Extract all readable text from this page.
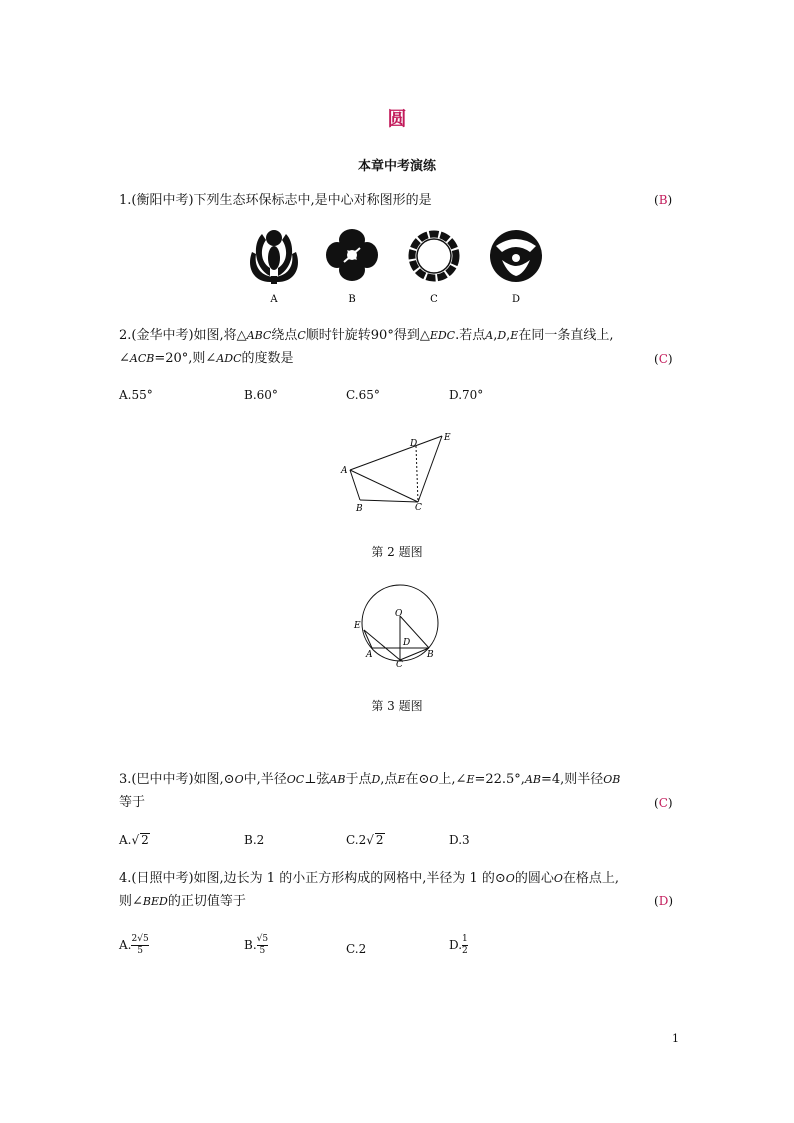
圆
本章中考演练
1.(衡阳中考)下列生态环保标志中,是中心对称图形的是	(B)
A	B	C	D
2.(金华中考)如图,将△ABC绕点C顺时针旋转90°得到△EDC.若点A,D,E在同一条直线上,
∠ACB=20°,则∠ADC的度数是	(C)
A.55°	B.60°	C.65°	D.70°
A
B	C
D
E
第 2 题图
O
E
A
C
D
B
第 3 题图
3.(巴中中考)如图,⊙O中,半径OC⊥弦AB于点D,点E在⊙O上,∠E=22.5°,AB=4,则半径OB
等于	(C)
A.√ 2	B.2	C.2√ 2	D.3
4.(日照中考)如图,边长为 1 的小正方形构成的网格中,半径为 1 的⊙O的圆心O在格点上,
则∠BED的正切值等于	(D)
A. $\frac{2√5}{5}$	B. $\frac{√5}{5}$	C.2	D. $\frac{1}{2}$
1
